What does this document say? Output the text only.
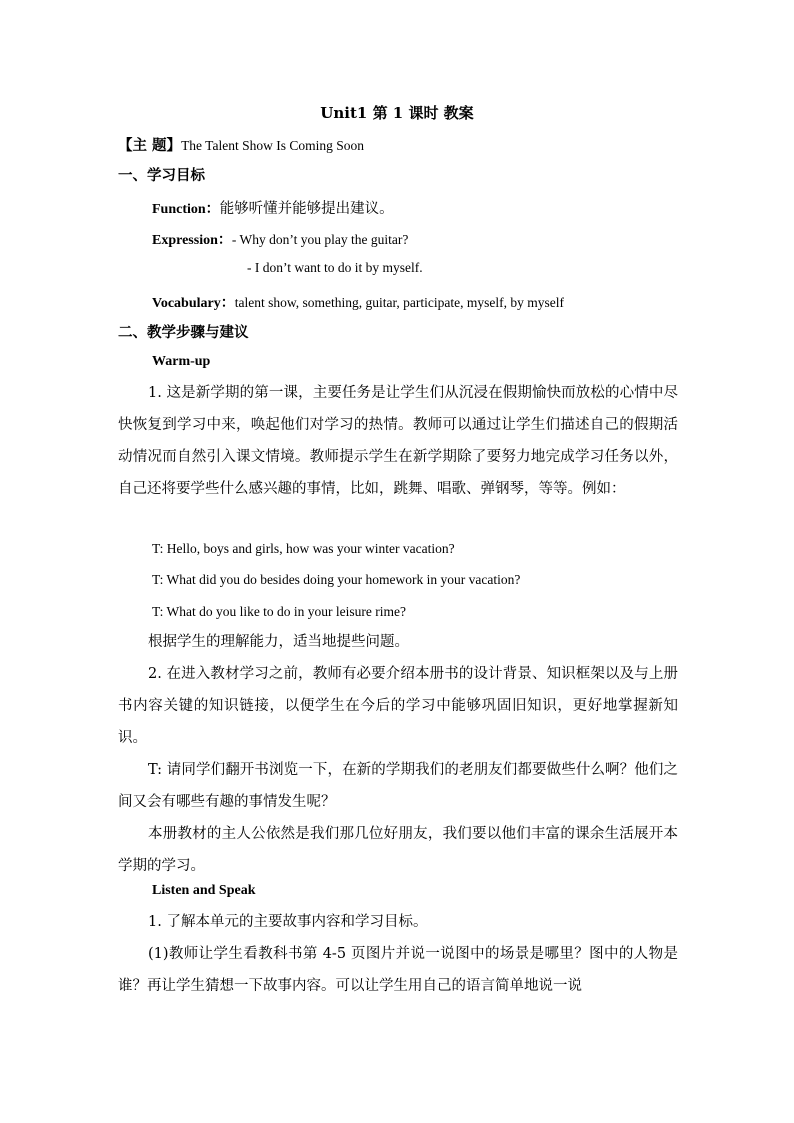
Unit1 第 1 课时 教案
【主 题】The Talent Show Is Coming Soon
一、学习目标
Function：能够听懂并能够提出建议。
Expression：- Why don’t you play the guitar?
- I don’t want to do it by myself.
Vocabulary：talent show, something, guitar, participate, myself, by myself
二、教学步骤与建议
Warm-up
1. 这是新学期的第一课，主要任务是让学生们从沉浸在假期愉快而放松的心情中尽快恢复到学习中来，唤起他们对学习的热情。教师可以通过让学生们描述自己的假期活动情况而自然引入课文情境。教师提示学生在新学期除了要努力地完成学习任务以外，自己还将要学些什么感兴趣的事情，比如，跳舞、唱歌、弹钢琴，等等。例如：
T: Hello, boys and girls, how was your winter vacation?
T: What did you do besides doing your homework in your vacation?
T: What do you like to do in your leisure rime?
根据学生的理解能力，适当地提些问题。
2. 在进入教材学习之前，教师有必要介绍本册书的设计背景、知识框架以及与上册书内容关键的知识链接，以便学生在今后的学习中能够巩固旧知识，更好地掌握新知识。
T: 请同学们翻开书浏览一下，在新的学期我们的老朋友们都要做些什么啊？他们之间又会有哪些有趣的事情发生呢？
本册教材的主人公依然是我们那几位好朋友，我们要以他们丰富的课余生活展开本学期的学习。
Listen and Speak
1. 了解本单元的主要故事内容和学习目标。
(1)教师让学生看教科书第 4-5 页图片并说一说图中的场景是哪里？图中的人物是谁？再让学生猜想一下故事内容。可以让学生用自己的语言简单地说一说
